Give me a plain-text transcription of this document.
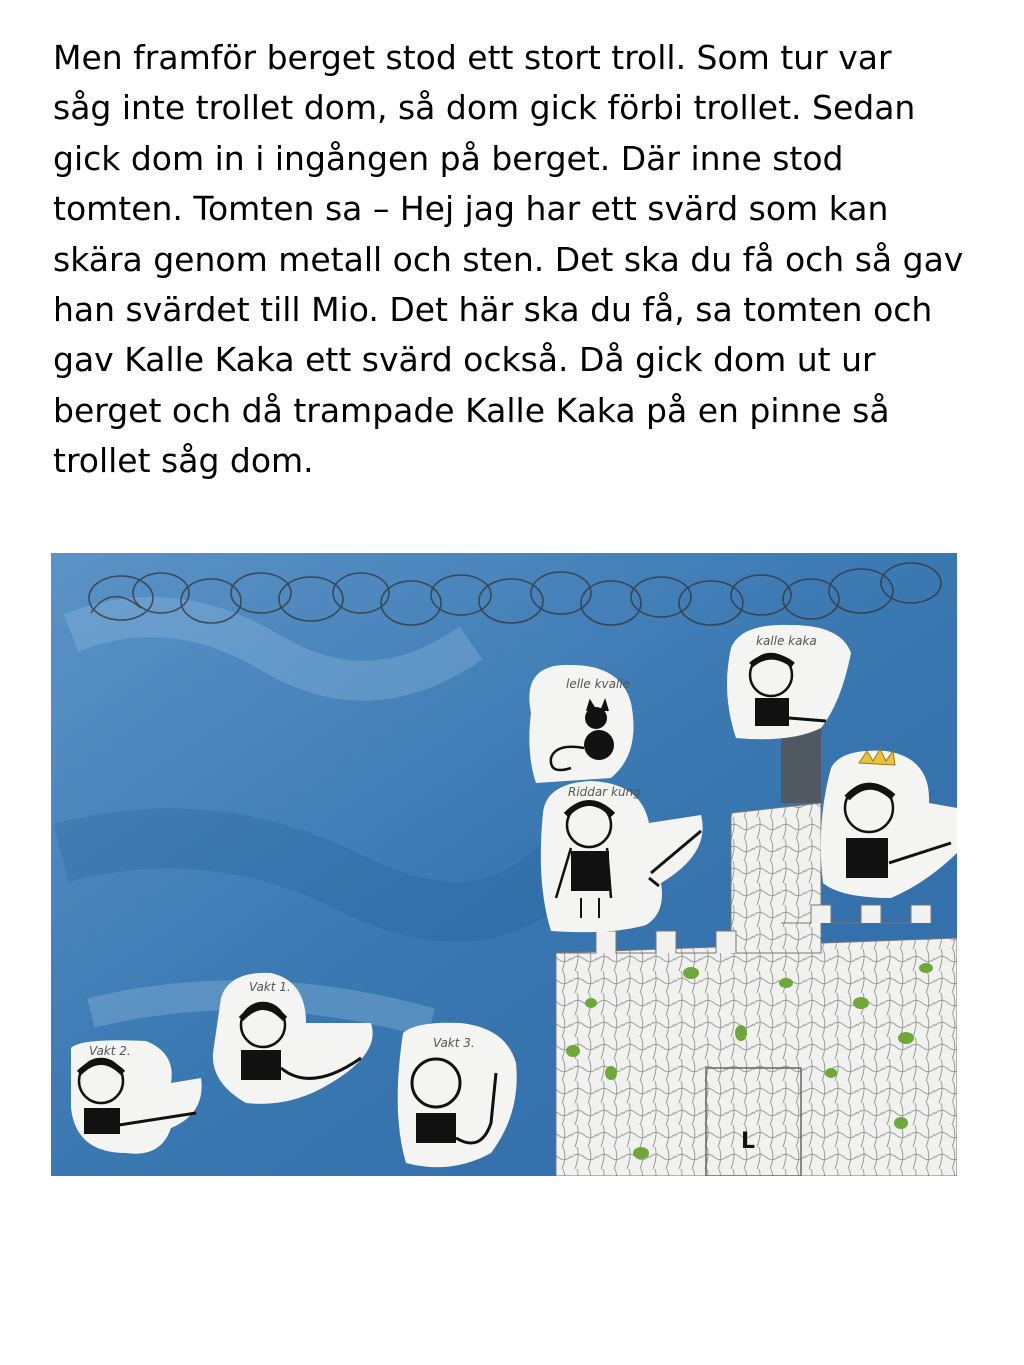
Men framför berget stod ett stort troll. Som tur var
såg inte trollet dom, så dom gick förbi trollet. Sedan
gick dom in i ingången på berget. Där inne stod
tomten. Tomten sa – Hej jag har ett svärd som kan
skära genom metall och sten. Det ska du få och så gav
han svärdet till Mio. Det här ska du få, sa tomten och
gav Kalle Kaka ett svärd också. Då gick dom ut ur
berget och då trampade Kalle Kaka på en pinne så
trollet såg dom.

L
lelle kvalle
Riddar kung
kalle kaka
Vakt 2.
Vakt 1.
Vakt 3.
